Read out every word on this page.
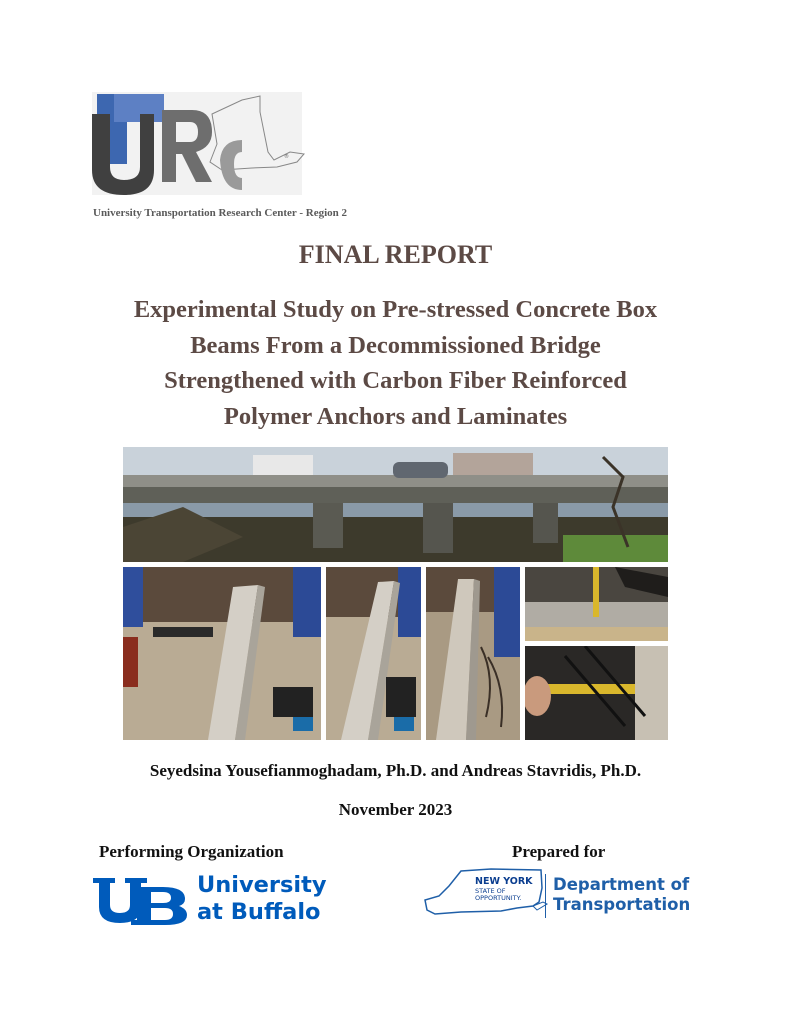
®
University Transportation Research Center - Region 2
FINAL REPORT
Experimental Study on Pre-stressed Concrete Box
Beams From a Decommissioned Bridge
Strengthened with Carbon Fiber Reinforced
Polymer Anchors and Laminates
Seyedsina Yousefianmoghadam, Ph.D. and Andreas Stavridis, Ph.D.
November 2023
Performing Organization	Prepared for
University
at Buffalo
NEW YORK
STATE OF
OPPORTUNITY.
Department of
Transportation
